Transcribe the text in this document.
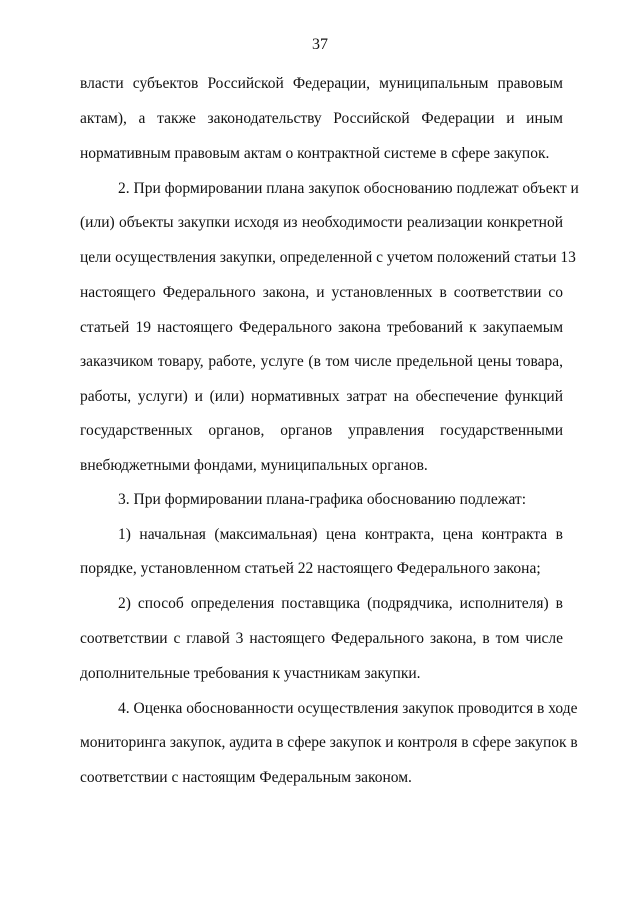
37
власти субъектов Российской Федерации, муниципальным правовым
актам), а также законодательству Российской Федерации и иным
нормативным правовым актам о контрактной системе в сфере закупок.
2. При формировании плана закупок обоснованию подлежат объект и
(или) объекты закупки исходя из необходимости реализации конкретной
цели осуществления закупки, определенной с учетом положений статьи 13
настоящего Федерального закона, и установленных в соответствии со
статьей 19 настоящего Федерального закона требований к закупаемым
заказчиком товару, работе, услуге (в том числе предельной цены товара,
работы, услуги) и (или) нормативных затрат на обеспечение функций
государственных органов, органов управления государственными
внебюджетными фондами, муниципальных органов.
3. При формировании плана-графика обоснованию подлежат:
1) начальная (максимальная) цена контракта, цена контракта в
порядке, установленном статьей 22 настоящего Федерального закона;
2) способ определения поставщика (подрядчика, исполнителя) в
соответствии с главой 3 настоящего Федерального закона, в том числе
дополнительные требования к участникам закупки.
4. Оценка обоснованности осуществления закупок проводится в ходе
мониторинга закупок, аудита в сфере закупок и контроля в сфере закупок в
соответствии с настоящим Федеральным законом.
